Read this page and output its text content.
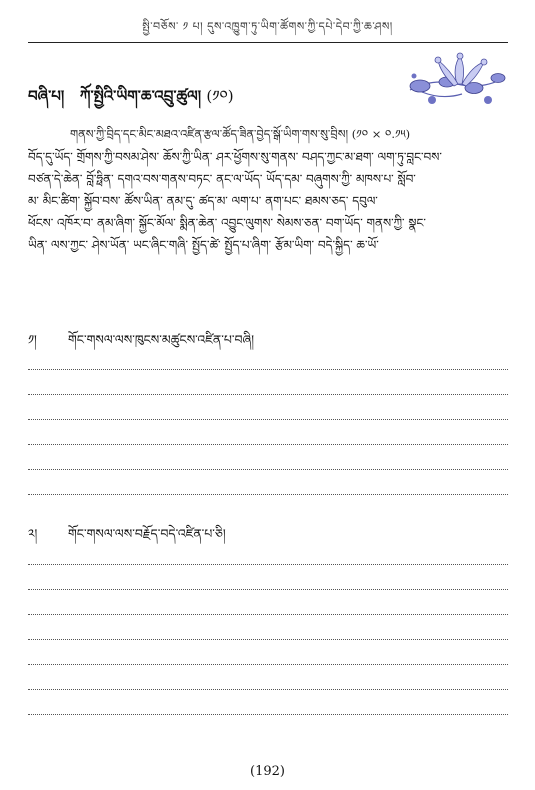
སྤྱི་བཅོས་ ༡ པ། དུས་འཁྱུག་ཏུ་ཡིག་ཚོགས་ཀྱི་དཔེ་དེབ་ཀྱི་ཆ་ཤས།
བཞི་པ། ཀོ་སྤྱིའི་ཡིག་ཆ་འབྲུ་ཚུལ། (༡༠)
གནས་ཀྱི་བྲིད་དང་མིང་མཐའ་འཛིན་རྩལ་ཚོད་ཟིན་བྱེད་སྒོ་ཡིག་གས་སུ་བྲིས། (༡༠ × ༠.༡༥)
བོད་དུ་ཡོད་ གྲོགས་ཀྱི་བསམ་ཤེས་ ཆོས་ཀྱི་ཡིན་ ཤར་ཕྱོགས་སུ་གནས་ བཤད་ཀྱང་མ་ཐག་ ལག་ཏུ་བླང་བས་
བཙན་དེ་ཆེན་ བློ་ཧྥིན་ དགའ་བས་གནས་བཏང་ ནང་ལ་ཡོད་ ཡོད་དམ་ བཞུགས་ཀྱི་ མཁས་པ་ སློབ་
མ་ མིང་ཚིག་ སྐྱོབ་བས་ ཚོས་ཡིན་ ནམ་དུ་ ཚད་མ་ ལག་པ་ ནག་པང་ ཐམས་ཅད་ དབུལ་
ཕོངས་ འཁོར་བ་ ནམ་ཞིག་ སྐྱོང་མོལ་ སྨིན་ཆེན་ འབྱུང་ལུགས་ སེམས་ཅན་ བག་ཡོད་ གནས་ཀྱི་ སྣང་
ཡིན་ ལས་ཀྱང་ ཤེས་ཡོན་ ཡང་ཞིང་གཞི་ སྤྱོད་ཚེ་ སྤྱོད་པ་ཞིག་ རྩོམ་ཡིག་ བདེ་སྐྱིད་ ཆ་ཡོ་
༡། གོང་གསལ་ལས་ཁུངས་མཚུངས་འཛིན་པ་བཞི།
༢། གོང་གསལ་ལས་བརྗོད་བདེ་འཛིན་པ་ཅི།
(192)
